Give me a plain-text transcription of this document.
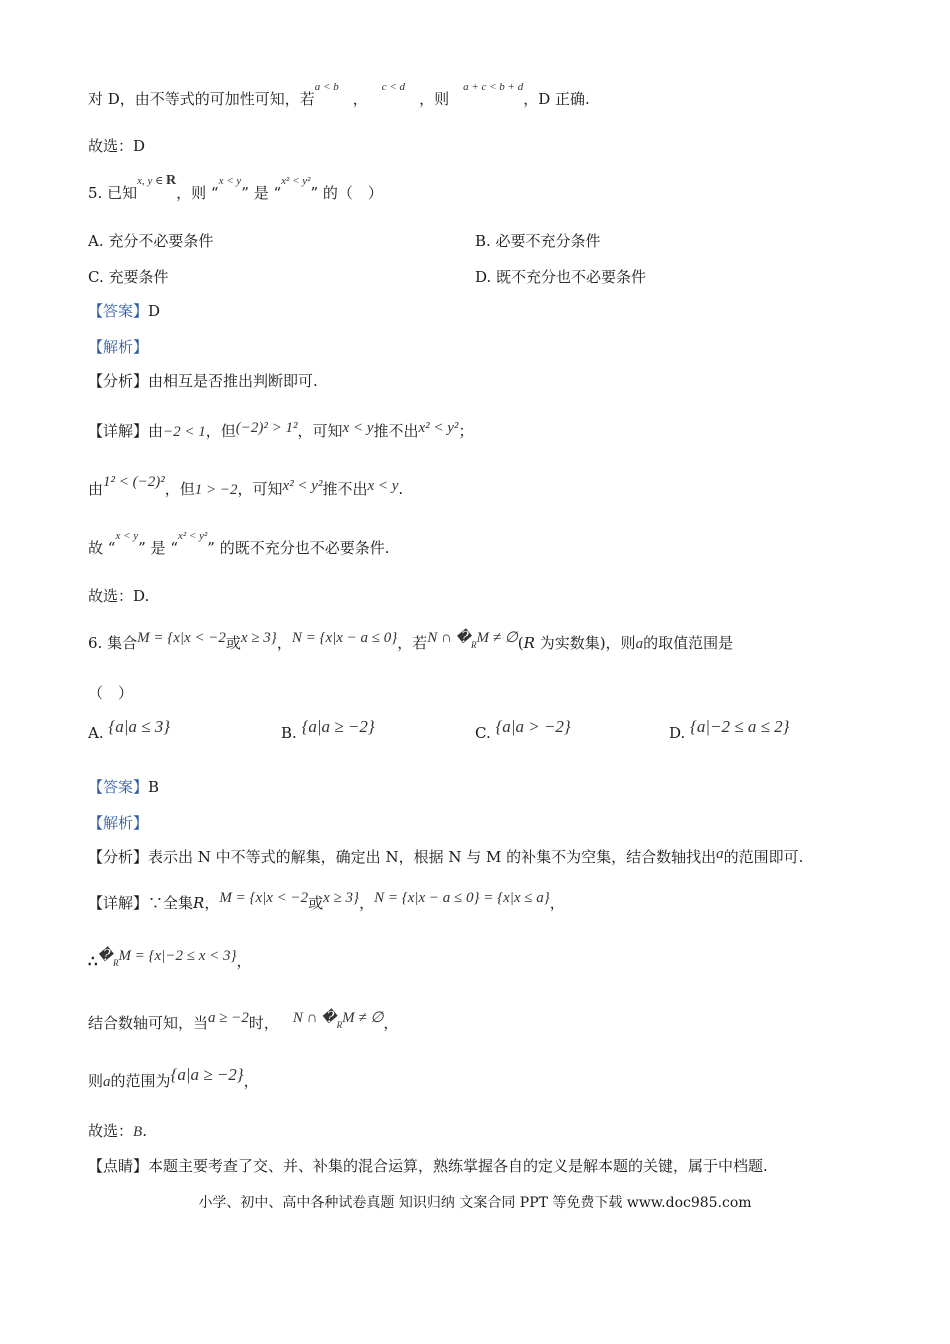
对 D，由不等式的可加性可知，若$^{a < b}$，$^{c < d}$，则$^{a + c < b + d}$，D 正确.
故选：D
5. 已知$^{x, y \in}$ R，则 “$^{x < y}$” 是 “$^{x^2 < y^2}$” 的（　）
A. 充分不必要条件	B. 必要不充分条件
C. 充要条件	D. 既不充分也不必要条件
【答案】D
【解析】
【分析】由相互是否推出判断即可.
【详解】由−2 < 1，但(−2)² > 1²，可知x < y推不出x² < y²；
由1² < (−2)²，但1 > −2，可知x² < y²推不出x < y.
故 “$^{x < y}$” 是 “$^{x^2 < y^2}$” 的既不充分也不必要条件.
故选：D.
6. 集合M = {x|x < −2或x ≥ 3}，N = {x|x − a ≤ 0}，若N ∩ �RM ≠ ∅(R 为实数集)，则a的取值范围是
（　）
A. {a|a ≤ 3}	B. {a|a ≥ −2}	C. {a|a > −2}	D. {a|−2 ≤ a ≤ 2}
【答案】B
【解析】
【分析】表示出 N 中不等式的解集，确定出 N，根据 N 与 M 的补集不为空集，结合数轴找出a的范围即可.
【详解】∵全集R，M = {x|x < −2或x ≥ 3}，N = {x|x − a ≤ 0} = {x|x ≤ a}，
∴�RM = {x|−2 ≤ x < 3}，
结合数轴可知，当a ≥ −2时， N ∩ �RM ≠ ∅，
则a的范围为{a|a ≥ −2}，
故选：B.
【点睛】本题主要考查了交、并、补集的混合运算，熟练掌握各自的定义是解本题的关键，属于中档题.
小学、初中、高中各种试卷真题 知识归纳 文案合同 PPT 等免费下载 www.doc985.com
